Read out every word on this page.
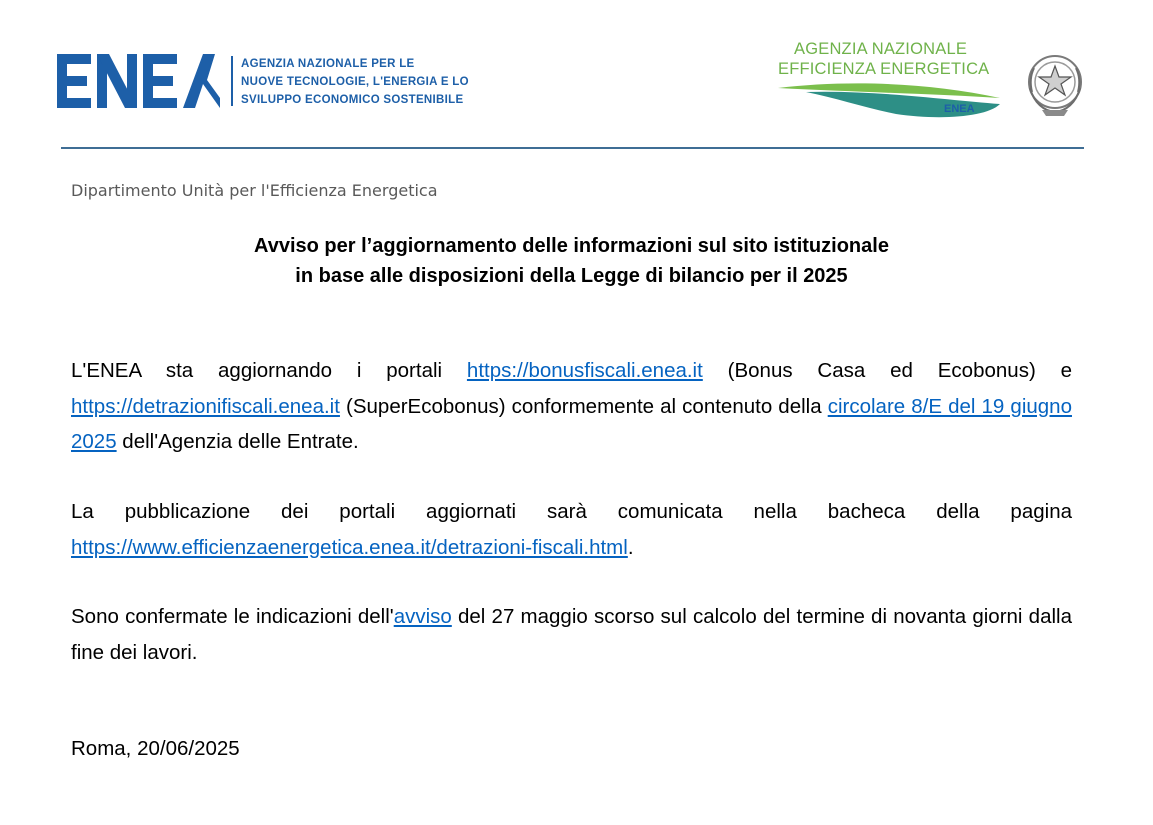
AGENZIA NAZIONALE PER LE
NUOVE TECNOLOGIE, L'ENERGIA E LO
SVILUPPO ECONOMICO SOSTENIBILE
AGENZIA NAZIONALE
EFFICIENZA ENERGETICA
ENEA
Dipartimento Unità per l'Efficienza Energetica
Avviso per l’aggiornamento delle informazioni sul sito istituzionale
in base alle disposizioni della Legge di bilancio per il 2025
L'ENEA sta aggiornando i portali https://bonusfiscali.enea.it (Bonus Casa ed Ecobonus) e https://detrazionifiscali.enea.it (SuperEcobonus) conformemente al contenuto della circolare 8/E del 19 giugno 2025 dell'Agenzia delle Entrate.
La pubblicazione dei portali aggiornati sarà comunicata nella bacheca della pagina https://www.efficienzaenergetica.enea.it/detrazioni-fiscali.html.
Sono confermate le indicazioni dell'avviso del 27 maggio scorso sul calcolo del termine di novanta giorni dalla fine dei lavori.
Roma, 20/06/2025
